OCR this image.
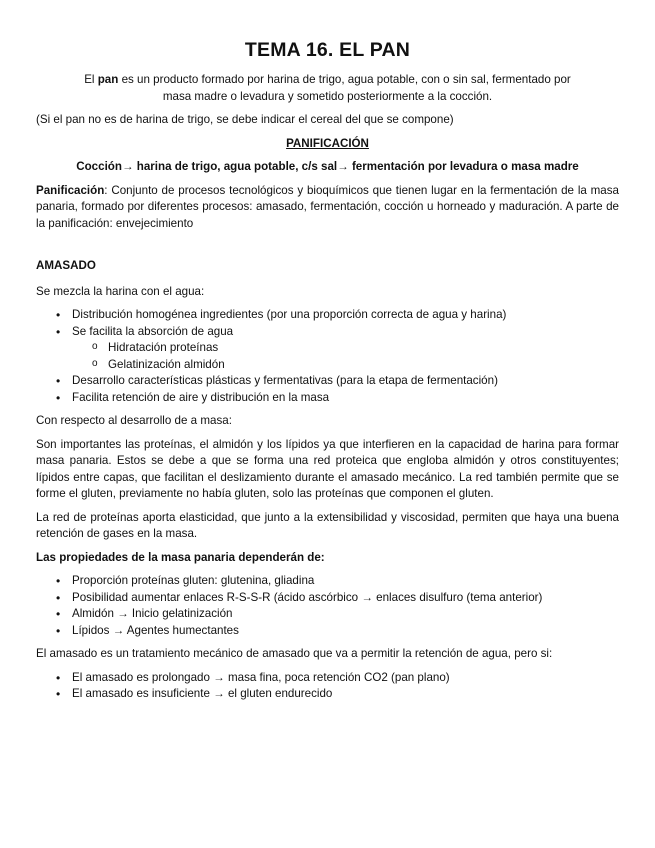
TEMA 16. EL PAN

El pan es un producto formado por harina de trigo, agua potable, con o sin sal, fermentado por
masa madre o levadura y sometido posteriormente a la cocción.

(Si el pan no es de harina de trigo, se debe indicar el cereal del que se compone)

PANIFICACIÓN

Cocción→ harina de trigo, agua potable, c/s sal→ fermentación por levadura o masa madre

Panificación: Conjunto de procesos tecnológicos y bioquímicos que tienen lugar en la fermentación de la masa panaria, formado por diferentes procesos: amasado, fermentación, cocción u horneado y maduración. A parte de la panificación: envejecimiento

AMASADO

Se mezcla la harina con el agua:

• Distribución homogénea ingredientes (por una proporción correcta de agua y harina)
• Se facilita la absorción de agua
o Hidratación proteínas
o Gelatinización almidón
• Desarrollo características plásticas y fermentativas (para la etapa de fermentación)
• Facilita retención de aire y distribución en la masa

Con respecto al desarrollo de a masa:

Son importantes las proteínas, el almidón y los lípidos ya que interfieren en la capacidad de harina para formar masa panaria. Estos se debe a que se forma una red proteica que engloba almidón y otros constituyentes; lípidos entre capas, que facilitan el deslizamiento durante el amasado mecánico. La red también permite que se forme el gluten, previamente no había gluten, solo las proteínas que componen el gluten.

La red de proteínas aporta elasticidad, que junto a la extensibilidad y viscosidad, permiten que haya una buena retención de gases en la masa.

Las propiedades de la masa panaria dependerán de:

• Proporción proteínas gluten: glutenina, gliadina
• Posibilidad aumentar enlaces R-S-S-R (ácido ascórbico → enlaces disulfuro (tema anterior)
• Almidón → Inicio gelatinización
• Lípidos → Agentes humectantes

El amasado es un tratamiento mecánico de amasado que va a permitir la retención de agua, pero si:

• El amasado es prolongado → masa fina, poca retención CO2 (pan plano)
• El amasado es insuficiente → el gluten endurecido
